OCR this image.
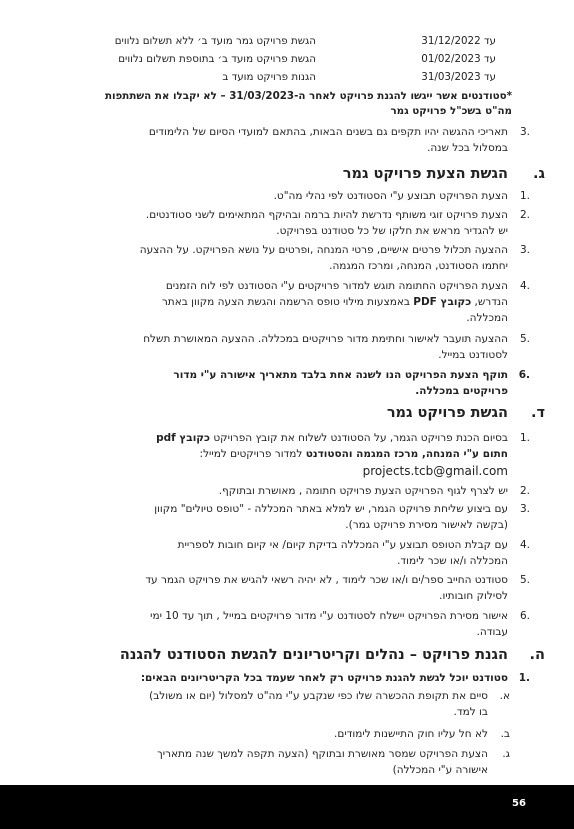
עד 31/12/2022
הגשת פרויקט גמר מועד ב׳ ללא תשלום נלווים
עד 01/02/2023
הגשת פרויקט מועד ב׳ בתוספת תשלום נלווים
עד 31/03/2023
הגנות פרויקט מועד ב
*סטודנטים אשר ייגשו להגנת פרויקט לאחר ה-31/03/2023 – לא יקבלו את השתתפות
מה"ט בשכ"ל פרויקט גמר
.3
תאריכי ההגשה יהיו תקפים גם בשנים הבאות, בהתאם למועדי הסיום של הלימודים
במסלול בכל שנה.
ג.
הגשת הצעת פרויקט גמר
.1
הצעת הפרויקט תבוצע ע"י הסטודנט לפי נהלי מה"ט.
.2
הצעת פרויקט זוגי משותף נדרשת להיות ברמה ובהיקף המתאימים לשני סטודנטים.
יש להגדיר מראש את חלקו של כל סטודנט בפרויקט.
.3
ההצעה תכלול פרטים אישיים, פרטי המנחה ,ופרטים על נושא הפרויקט. על ההצעה
יחתמו הסטודנט, המנחה, ומרכז המגמה.
.4
הצעת הפרויקט החתומה תוגש למדור פרויקטים ע"י הסטודנט לפי לוח הזמנים
הנדרש, כקובץ PDF באמצעות מילוי טופס הרשמה והגשת הצעה מקוון באתר
המכללה.
.5
ההצעה תועבר לאישור וחתימת מדור פרויקטים במכללה. ההצעה המאושרת תשלח
לסטודנט במייל.
.6
תוקף הצעת הפרויקט הנו לשנה אחת בלבד מתאריך אישורה ע"י מדור
פרויקטים במכללה.
ד.
הגשת פרויקט גמר
.1
בסיום הכנת פרויקט הגמר, על הסטודנט לשלוח את קובץ הפרויקט כקובץ pdf
חתום ע"י המנחה, מרכז המגמה והסטודנט למדור פרויקטים למייל:
projects.tcb@gmail.com
.2
יש לצרף לגוף הפרויקט הצעת פרויקט חתומה , מאושרת ובתוקף.
.3
עם ביצוע שליחת פרויקט הגמר, יש למלא באתר המכללה - "טופס טיולים" מקוון
(בקשה לאישור מסירת פרויקט גמר).
.4
עם קבלת הטופס תבוצע ע"י המכללה בדיקת קיום/ אי קיום חובות לספריית
המכללה ו/או שכר לימוד.
.5
סטודנט החייב ספר/ים ו/או שכר לימוד , לא יהיה רשאי להגיש את פרויקט הגמר עד
לסילוק חובותיו.
.6
אישור מסירת הפרויקט יישלח לסטודנט ע"י מדור פרויקטים במייל , תוך עד 10 ימי
עבודה.
ה.
הגנת פרויקט – נהלים וקריטריונים להגשת הסטודנט להגנה
.1
סטודנט יוכל לגשת להגנת פרויקט רק לאחר שעמד בכל הקריטריונים הבאים:
א.
סיים את תקופת ההכשרה שלו כפי שנקבע ע"י מה"ט למסלול (יום או משולב)
בו למד.
ב.
לא חל עליו חוק התיישנות לימודים.
ג.
הצעת הפרויקט שמסר מאושרת ובתוקף (הצעה תקפה למשך שנה מתאריך
אישורה ע"י המכללה)
56
